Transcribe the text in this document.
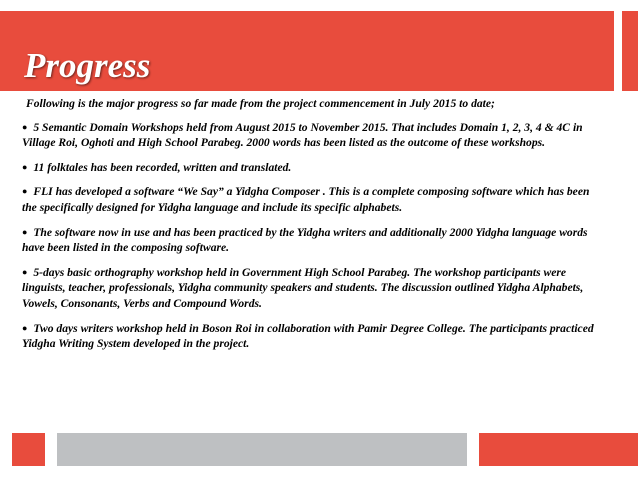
Progress

Following is the major progress so far made from the project commencement in July 2015 to date;

● 5 Semantic Domain Workshops held from August 2015 to November 2015. That includes Domain 1, 2, 3, 4 & 4C in Village Roi, Oghoti and High School Parabeg. 2000 words has been listed as the outcome of these workshops.

● 11 folktales has been recorded, written and translated.

● FLI has developed a software “We Say” a Yidgha Composer . This is a complete composing software which has been the specifically designed for Yidgha language and include its specific alphabets.

● The software now in use and has been practiced by the Yidgha writers and additionally 2000 Yidgha language words have been listed in the composing software.

● 5-days basic orthography workshop held in Government High School Parabeg. The workshop participants were linguists, teacher, professionals, Yidgha community speakers and students. The discussion outlined Yidgha Alphabets, Vowels, Consonants, Verbs and Compound Words.

● Two days writers workshop held in Boson Roi in collaboration with Pamir Degree College. The participants practiced Yidgha Writing System developed in the project.
